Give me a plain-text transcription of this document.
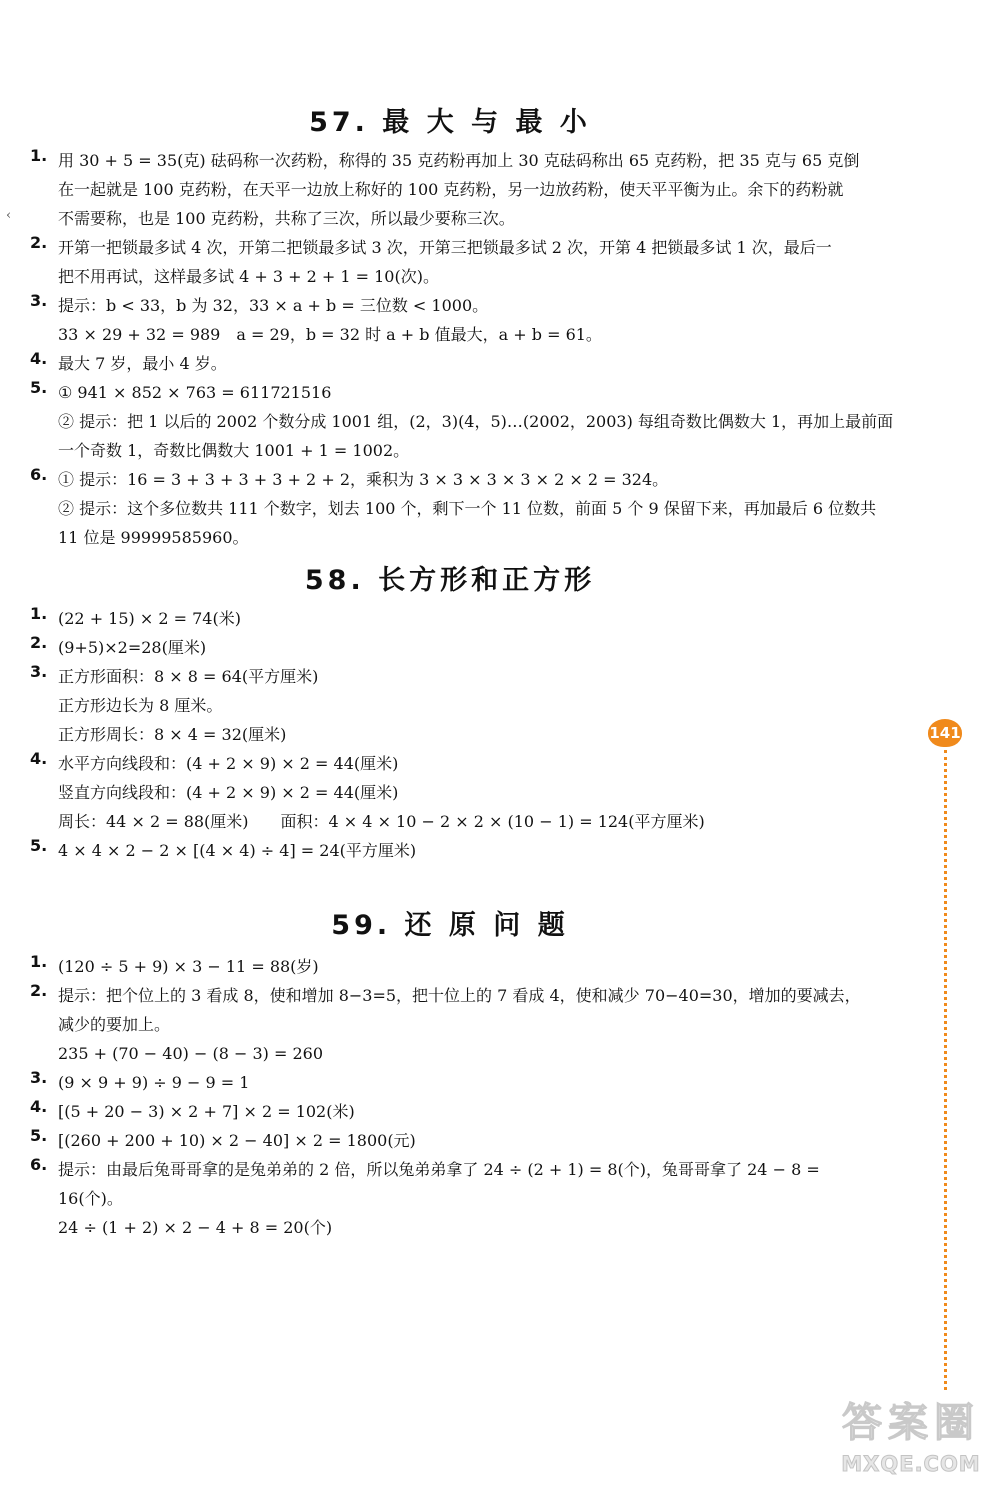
57. 最 大 与 最 小
1. 用 30 + 5 = 35(克) 砝码称一次药粉，称得的 35 克药粉再加上 30 克砝码称出 65 克药粉，把 35 克与 65 克倒
在一起就是 100 克药粉，在天平一边放上称好的 100 克药粉，另一边放药粉，使天平平衡为止。余下的药粉就
不需要称，也是 100 克药粉，共称了三次，所以最少要称三次。
2. 开第一把锁最多试 4 次，开第二把锁最多试 3 次，开第三把锁最多试 2 次，开第 4 把锁最多试 1 次，最后一
把不用再试，这样最多试 4 + 3 + 2 + 1 = 10(次)。
3. 提示：b < 33，b 为 32，33 × a + b = 三位数 < 1000。
33 × 29 + 32 = 989　a = 29，b = 32 时 a + b 值最大，a + b = 61。
4. 最大 7 岁，最小 4 岁。
5. ① 941 × 852 × 763 = 611721516
② 提示：把 1 以后的 2002 个数分成 1001 组，(2，3)(4，5)…(2002，2003) 每组奇数比偶数大 1，再加上最前面
一个奇数 1，奇数比偶数大 1001 + 1 = 1002。
6. ① 提示：16 = 3 + 3 + 3 + 3 + 2 + 2，乘积为 3 × 3 × 3 × 3 × 2 × 2 = 324。
② 提示：这个多位数共 111 个数字，划去 100 个，剩下一个 11 位数，前面 5 个 9 保留下来，再加最后 6 位数共
11 位是 99999585960。
58. 长方形和正方形
1. (22 + 15) × 2 = 74(米)
2. (9+5)×2=28(厘米)
3. 正方形面积：8 × 8 = 64(平方厘米)
正方形边长为 8 厘米。
正方形周长：8 × 4 = 32(厘米)
4. 水平方向线段和：(4 + 2 × 9) × 2 = 44(厘米)
竖直方向线段和：(4 + 2 × 9) × 2 = 44(厘米)
周长：44 × 2 = 88(厘米)　　面积：4 × 4 × 10 − 2 × 2 × (10 − 1) = 124(平方厘米)
5. 4 × 4 × 2 − 2 × [(4 × 4) ÷ 4] = 24(平方厘米)
59. 还 原 问 题
1. (120 ÷ 5 + 9) × 3 − 11 = 88(岁)
2. 提示：把个位上的 3 看成 8，使和增加 8−3=5，把十位上的 7 看成 4，使和减少 70−40=30，增加的要减去，
减少的要加上。
235 + (70 − 40) − (8 − 3) = 260
3. (9 × 9 + 9) ÷ 9 − 9 = 1
4. [(5 + 20 − 3) × 2 + 7] × 2 = 102(米)
5. [(260 + 200 + 10) × 2 − 40] × 2 = 1800(元)
6. 提示：由最后兔哥哥拿的是兔弟弟的 2 倍，所以兔弟弟拿了 24 ÷ (2 + 1) = 8(个)，兔哥哥拿了 24 − 8 =
16(个)。
24 ÷ (1 + 2) × 2 − 4 + 8 = 20(个)
141
‹
答案圈
MXQE.COM
